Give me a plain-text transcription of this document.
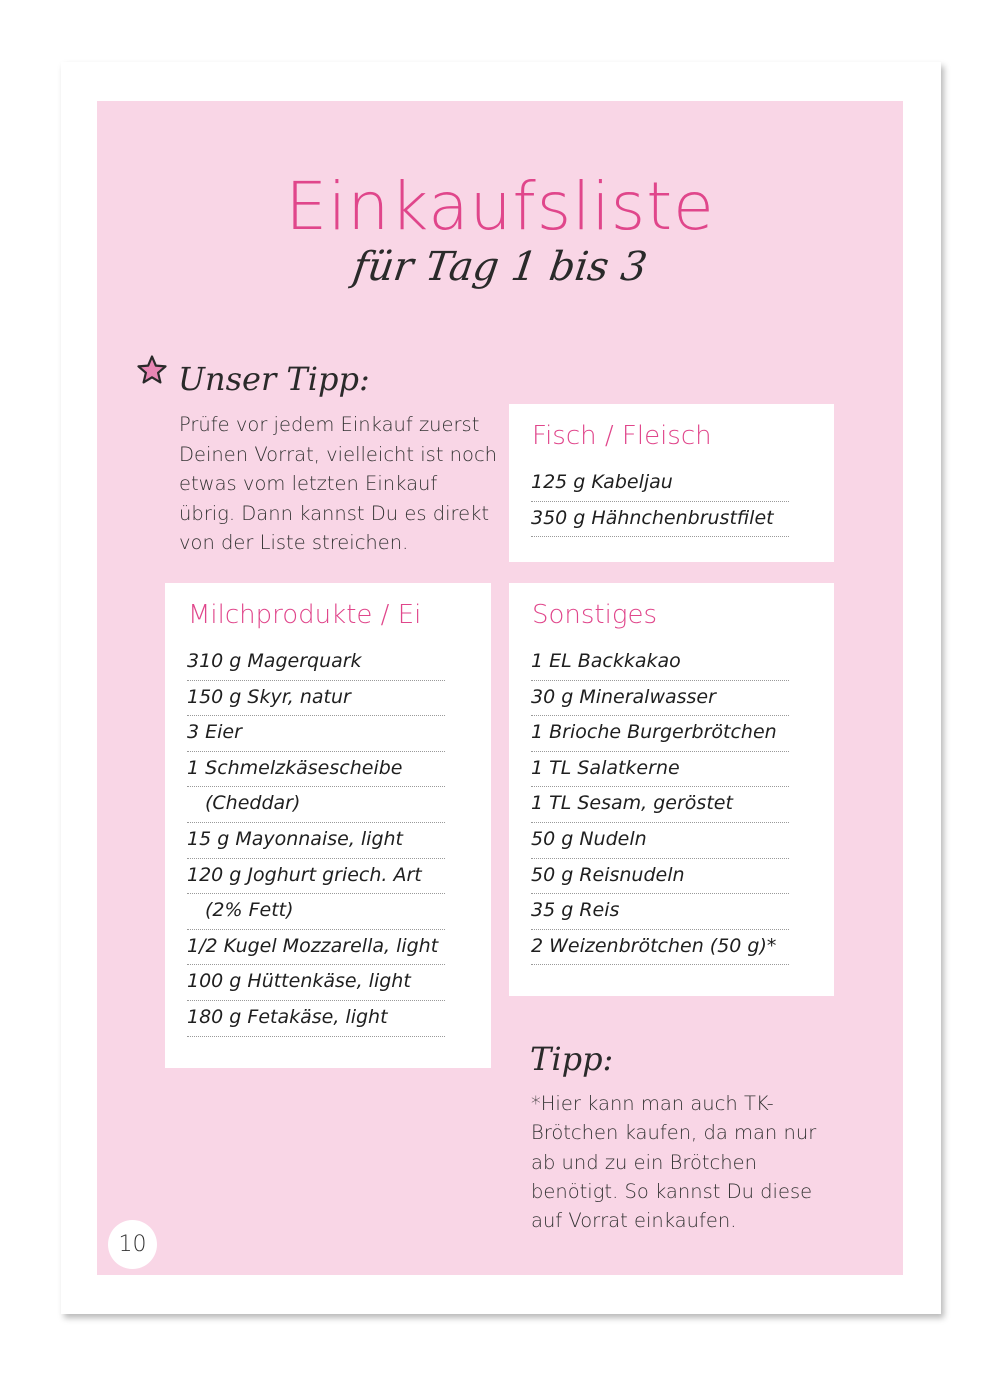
Einkaufsliste
für Tag 1 bis 3
Unser Tipp:
Prüfe vor jedem Einkauf zuerst Deinen Vorrat, vielleicht ist noch etwas vom letzten Einkauf übrig. Dann kannst Du es direkt von der Liste streichen.
Fisch / Fleisch
125 g Kabeljau
350 g Hähnchenbrustfilet
Milchprodukte / Ei
310 g Magerquark
150 g Skyr, natur
3 Eier
1 Schmelzkäsescheibe
(Cheddar)
15 g Mayonnaise, light
120 g Joghurt griech. Art
(2% Fett)
1/2 Kugel Mozzarella, light
100 g Hüttenkäse, light
180 g Fetakäse, light
Sonstiges
1 EL Backkakao
30 g Mineralwasser
1 Brioche Burgerbrötchen
1 TL Salatkerne
1 TL Sesam, geröstet
50 g Nudeln
50 g Reisnudeln
35 g Reis
2 Weizenbrötchen (50 g)*
Tipp:
*Hier kann man auch TK-Brötchen kaufen, da man nur ab und zu ein Brötchen benötigt. So kannst Du diese auf Vorrat einkaufen.
10
